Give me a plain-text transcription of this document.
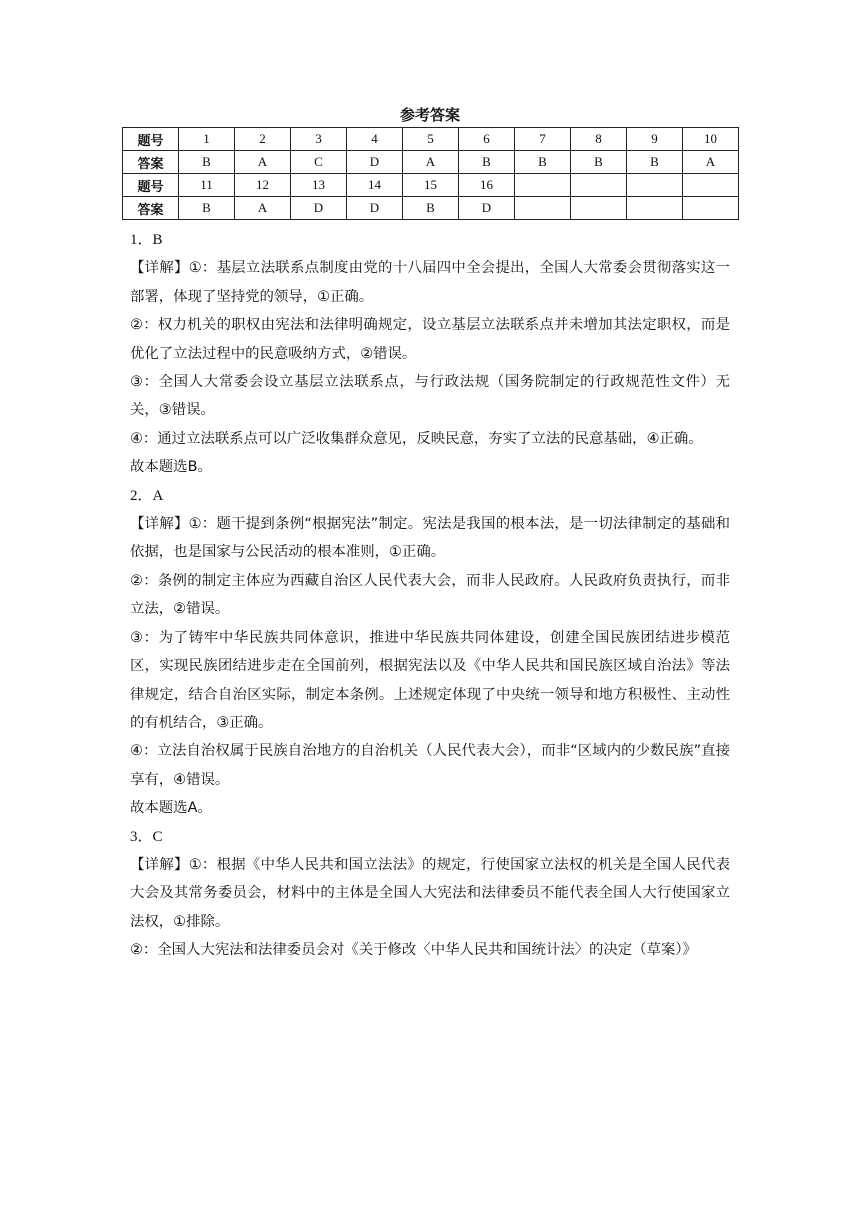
参考答案
题号	1	2	3	4	5	6	7	8	9	10
答案	B	A	C	D	A	B	B	B	B	A
题号	11	12	13	14	15	16				
答案	B	A	D	D	B	D				

1．B

【详解】①：基层立法联系点制度由党的十八届四中全会提出，全国人大常委会贯彻落实这一部署，体现了坚持党的领导，①正确。

②：权力机关的职权由宪法和法律明确规定，设立基层立法联系点并未增加其法定职权，而是优化了立法过程中的民意吸纳方式，②错误。

③：全国人大常委会设立基层立法联系点，与行政法规（国务院制定的行政规范性文件）无关，③错误。

④：通过立法联系点可以广泛收集群众意见，反映民意，夯实了立法的民意基础，④正确。

故本题选B。

2．A

【详解】①：题干提到条例“根据宪法”制定。宪法是我国的根本法，是一切法律制定的基础和依据，也是国家与公民活动的根本准则，①正确。

②：条例的制定主体应为西藏自治区人民代表大会，而非人民政府。人民政府负责执行，而非立法，②错误。

③：为了铸牢中华民族共同体意识，推进中华民族共同体建设，创建全国民族团结进步模范区，实现民族团结进步走在全国前列，根据宪法以及《中华人民共和国民族区域自治法》等法律规定，结合自治区实际，制定本条例。上述规定体现了中央统一领导和地方积极性、主动性的有机结合，③正确。

④：立法自治权属于民族自治地方的自治机关（人民代表大会），而非“区域内的少数民族”直接享有，④错误。

故本题选A。

3．C

【详解】①：根据《中华人民共和国立法法》的规定，行使国家立法权的机关是全国人民代表大会及其常务委员会，材料中的主体是全国人大宪法和法律委员不能代表全国人大行使国家立法权，①排除。

②：全国人大宪法和法律委员会对《关于修改〈中华人民共和国统计法〉的决定（草案）》
